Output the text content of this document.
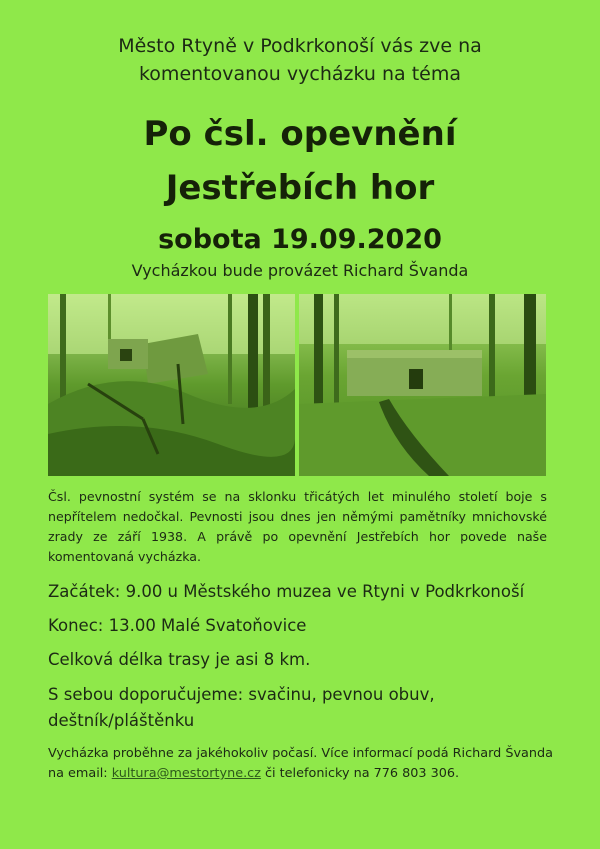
Město Rtyně v Podkrkonoší vás zve na
komentovanou vycházku na téma
Po čsl. opevnění
Jestřebích hor
sobota 19.09.2020
Vycházkou bude provázet Richard Švanda
Čsl. pevnostní systém se na sklonku třicátých let minulého století boje s nepřítelem nedočkal. Pevnosti jsou dnes jen němými pamětníky mnichovské zrady ze září 1938. A právě po opevnění Jestřebích hor povede naše komentovaná vycházka.
Začátek: 9.00 u Městského muzea ve Rtyni v Podkrkonoší
Konec: 13.00 Malé Svatoňovice
Celková délka trasy je asi 8 km.
S sebou doporučujeme: svačinu, pevnou obuv,
deštník/pláštěnku
Vycházka proběhne za jakéhokoliv počasí. Více informací podá Richard Švanda
na email: kultura@mestortyne.cz či telefonicky na 776 803 306.
